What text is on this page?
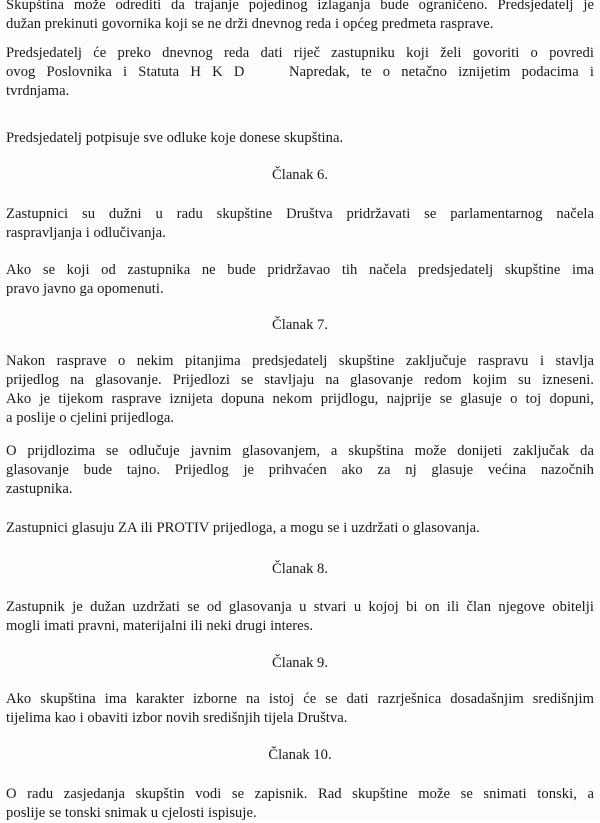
Skupština može odrediti da trajanje pojedinog izlaganja bude ograničeno. Predsjedatelj je
dužan prekinuti govornika koji se ne drži dnevnog reda i općeg predmeta rasprave.
Predsjedatelj će preko dnevnog reda dati riječ zastupniku koji želi govoriti o povredi
ovog Poslovnika i Statuta H K D    Napredak, te o netačno iznijetim podacima i
tvrdnjama.
Predsjedatelj potpisuje sve odluke koje donese skupština.
Članak 6.
Zastupnici su dužni u radu skupštine Društva pridržavati se parlamentarnog načela
raspravljanja i odlučivanja.
Ako se koji od zastupnika ne bude pridržavao tih načela predsjedatelj skupštine ima
pravo javno ga opomenuti.
Članak 7.
Nakon rasprave o nekim pitanjima predsjedatelj skupštine zaključuje raspravu i stavlja
prijedlog na glasovanje. Prijedlozi se stavljaju na glasovanje redom kojim su izneseni.
Ako je tijekom rasprave iznijeta dopuna nekom prijdlogu, najprije se glasuje o toj dopuni,
a poslije o cjelini prijedloga.
O prijdlozima se odlučuje javnim glasovanjem, a skupština može donijeti zaključak da
glasovanje bude tajno. Prijedlog je prihvaćen ako za nj glasuje većina nazočnih
zastupnika.
Zastupnici glasuju ZA ili PROTIV prijedloga, a mogu se i uzdržati o glasovanja.
Članak 8.
Zastupnik je dužan uzdržati se od glasovanja u stvari u kojoj bi on ili član njegove obitelji
mogli imati pravni, materijalni ili neki drugi interes.
Članak 9.
Ako skupština ima karakter izborne na istoj će se dati razrješnica dosadašnjim središnjim
tijelima kao i obaviti izbor novih središnjih tijela Društva.
Članak 10.
O radu zasjedanja skupštin vodi se zapisnik. Rad skupštine može se snimati tonski, a
poslije se tonski snimak u cjelosti ispisuje.
